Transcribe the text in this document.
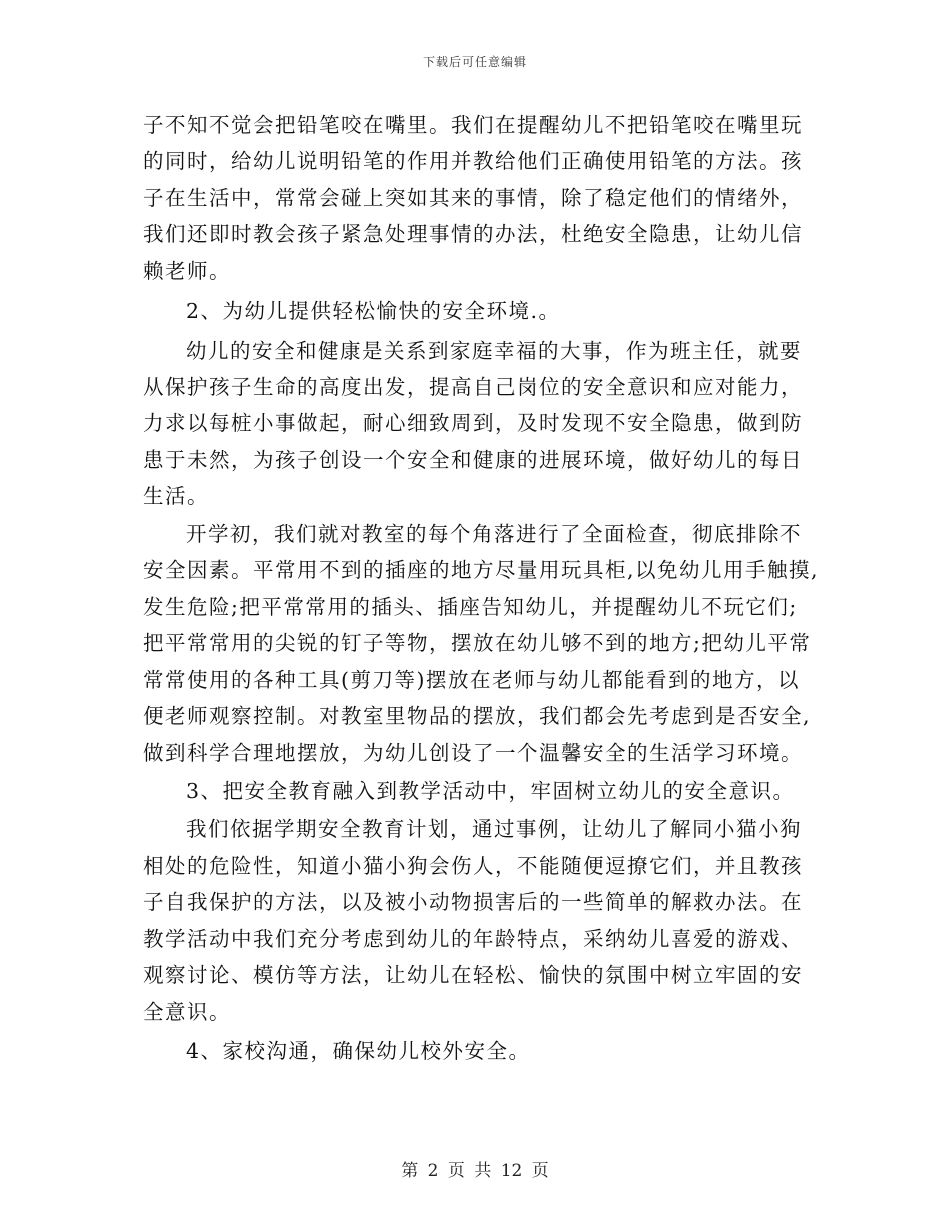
下载后可任意编辑
子不知不觉会把铅笔咬在嘴里。我们在提醒幼儿不把铅笔咬在嘴里玩
的同时，给幼儿说明铅笔的作用并教给他们正确使用铅笔的方法。孩
子在生活中，常常会碰上突如其来的事情，除了稳定他们的情绪外，
我们还即时教会孩子紧急处理事情的办法，杜绝安全隐患，让幼儿信
赖老师。
2、为幼儿提供轻松愉快的安全环境.。
幼儿的安全和健康是关系到家庭幸福的大事，作为班主任，就要
从保护孩子生命的高度出发，提高自己岗位的安全意识和应对能力，
力求以每桩小事做起，耐心细致周到，及时发现不安全隐患，做到防
患于未然，为孩子创设一个安全和健康的进展环境，做好幼儿的每日
生活。
开学初，我们就对教室的每个角落进行了全面检查，彻底排除不
安全因素。平常用不到的插座的地方尽量用玩具柜,以免幼儿用手触摸,
发生危险;把平常常用的插头、插座告知幼儿，并提醒幼儿不玩它们;
把平常常用的尖锐的钉子等物，摆放在幼儿够不到的地方;把幼儿平常
常常使用的各种工具(剪刀等)摆放在老师与幼儿都能看到的地方，以
便老师观察控制。对教室里物品的摆放，我们都会先考虑到是否安全,
做到科学合理地摆放，为幼儿创设了一个温馨安全的生活学习环境。
3、把安全教育融入到教学活动中，牢固树立幼儿的安全意识。
我们依据学期安全教育计划，通过事例，让幼儿了解同小猫小狗
相处的危险性，知道小猫小狗会伤人，不能随便逗撩它们，并且教孩
子自我保护的方法，以及被小动物损害后的一些简单的解救办法。在
教学活动中我们充分考虑到幼儿的年龄特点，采纳幼儿喜爱的游戏、
观察讨论、模仿等方法，让幼儿在轻松、愉快的氛围中树立牢固的安
全意识。
4、家校沟通，确保幼儿校外安全。
第 2 页 共 12 页
